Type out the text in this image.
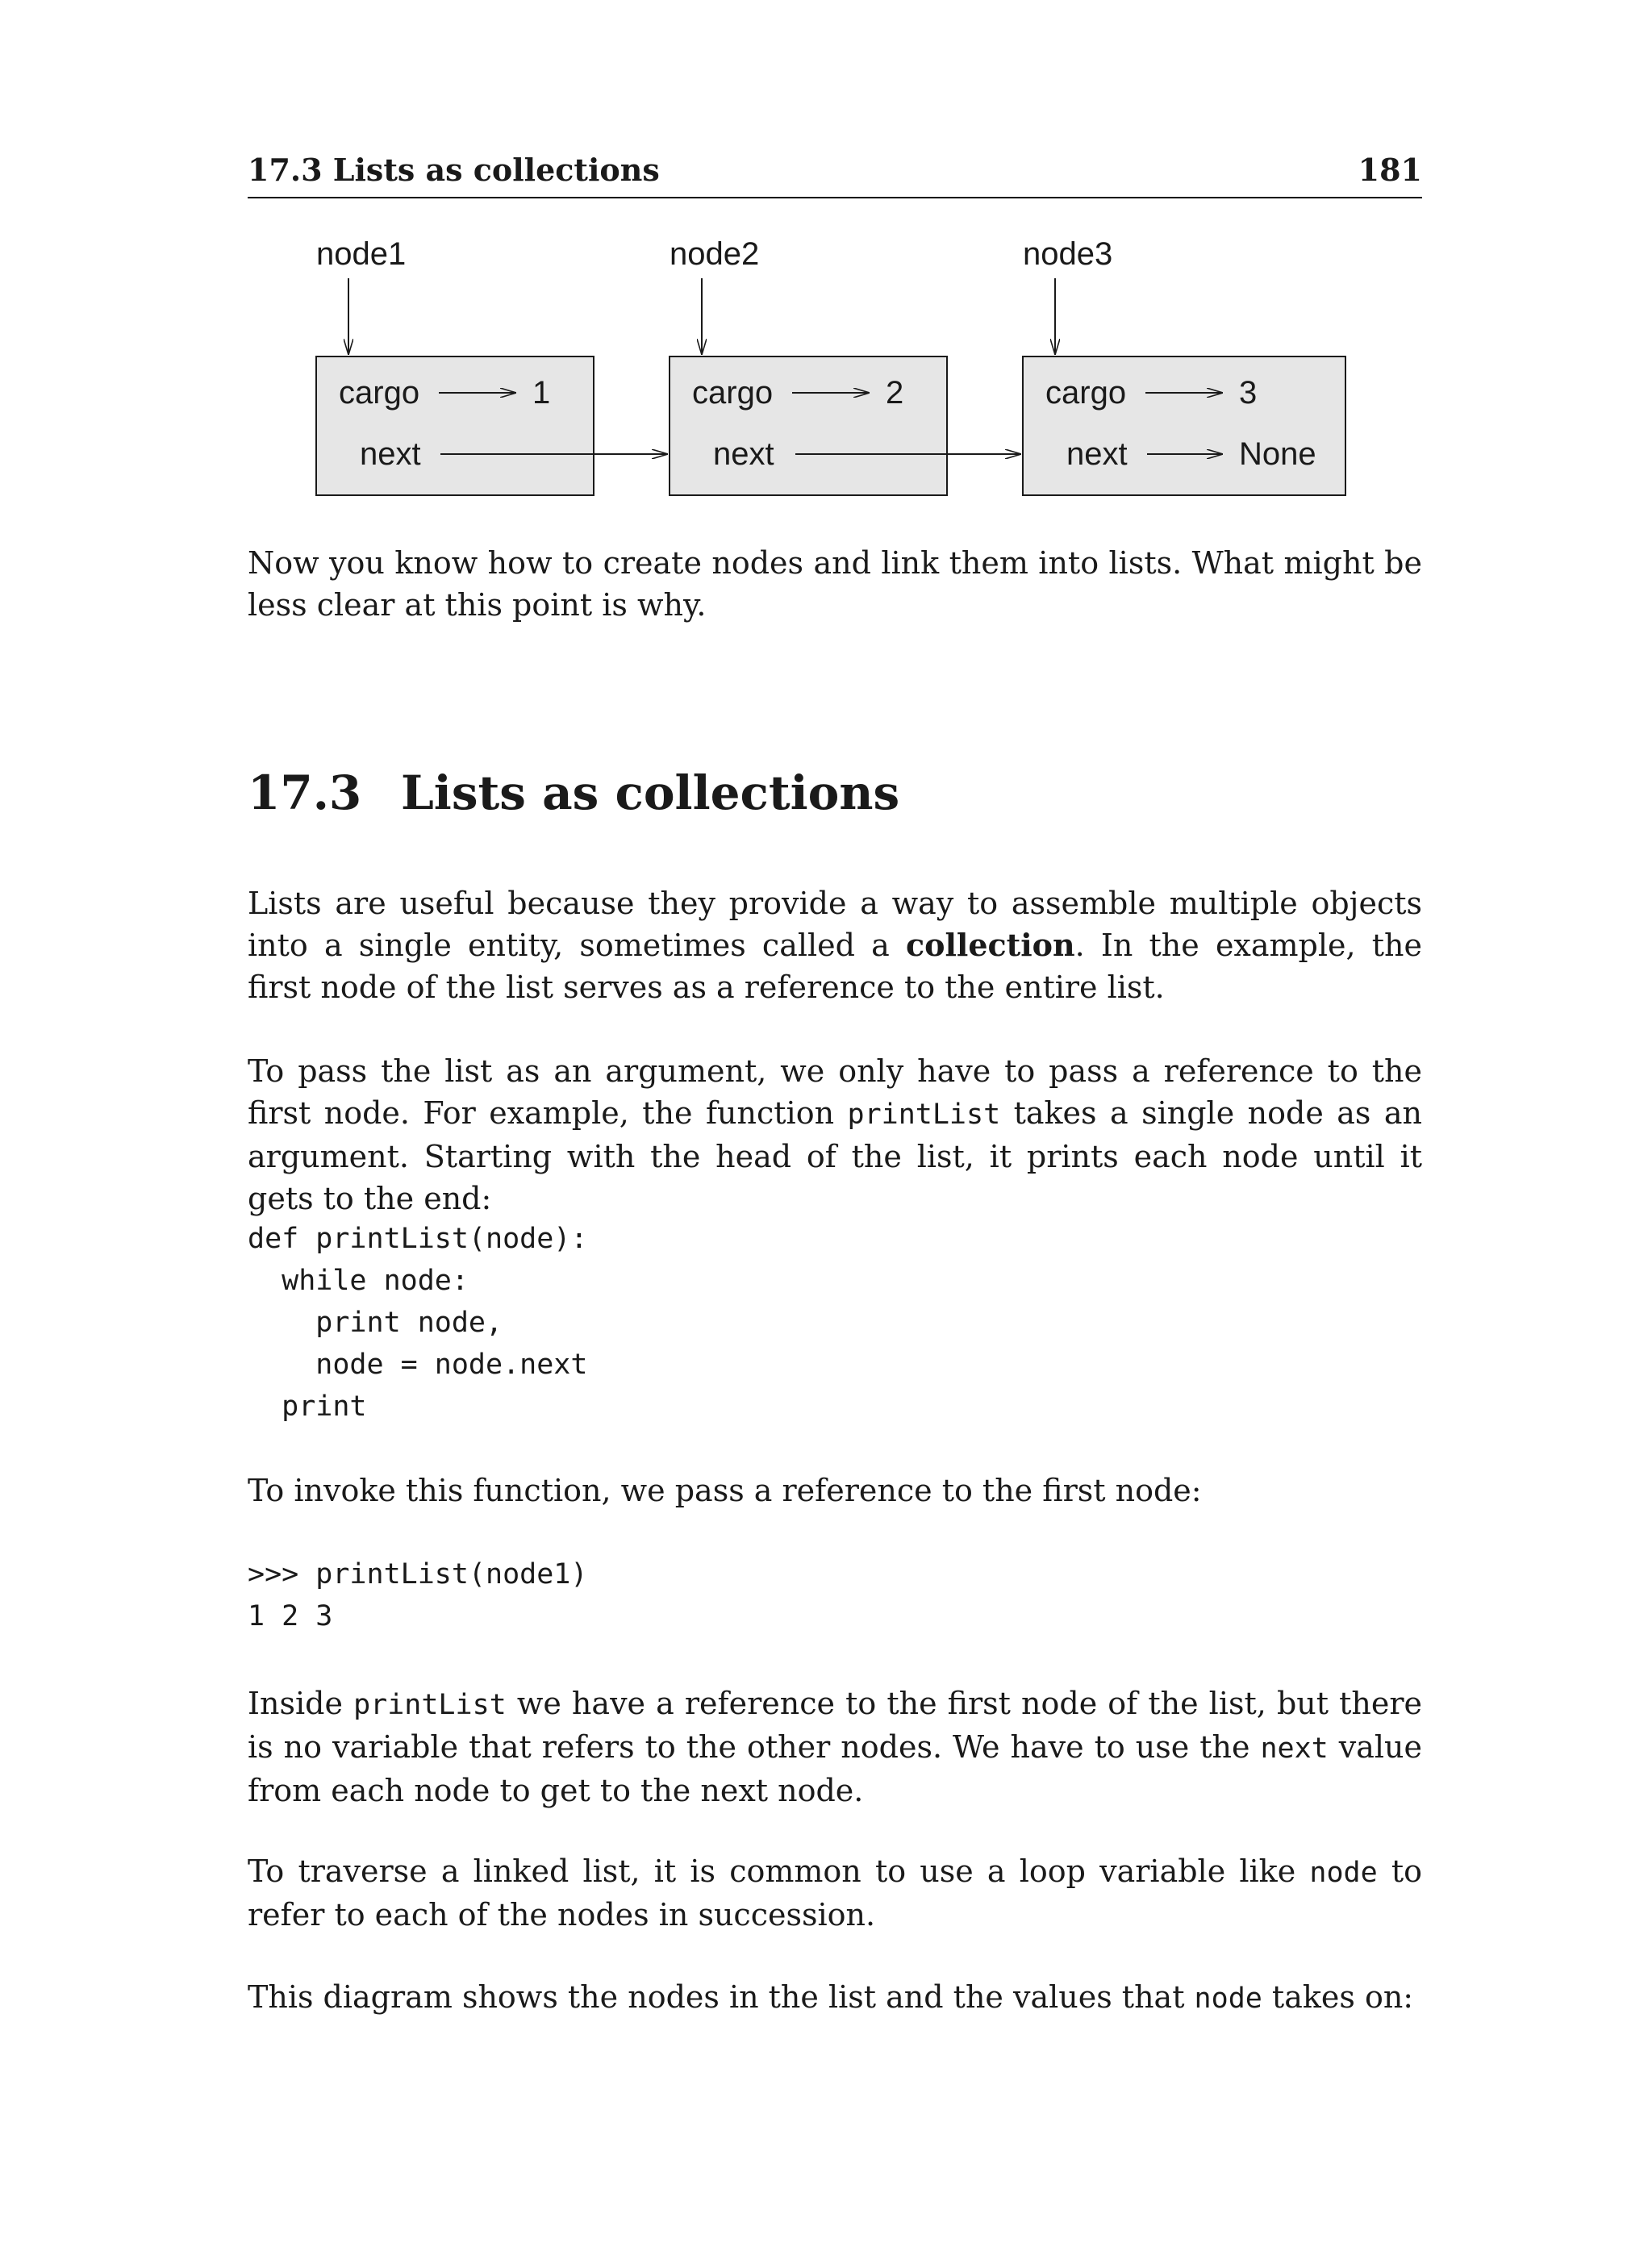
17.3 Lists as collections	181
node1
cargo	1
next
node2
cargo	2
next
node3
cargo	3
next	None

Now you know how to create nodes and link them into lists. What might be less clear at this point is why.

17.3 Lists as collections

Lists are useful because they provide a way to assemble multiple objects into a single entity, sometimes called a collection. In the example, the first node of the list serves as a reference to the entire list.

To pass the list as an argument, we only have to pass a reference to the first node. For example, the function printList takes a single node as an argument. Starting with the head of the list, it prints each node until it gets to the end:

def printList(node):
while node:
print node,
node = node.next
print

To invoke this function, we pass a reference to the first node:

>>> printList(node1)
1 2 3

Inside printList we have a reference to the first node of the list, but there is no variable that refers to the other nodes. We have to use the next value from each node to get to the next node.

To traverse a linked list, it is common to use a loop variable like node to refer to each of the nodes in succession.

This diagram shows the nodes in the list and the values that node takes on:
